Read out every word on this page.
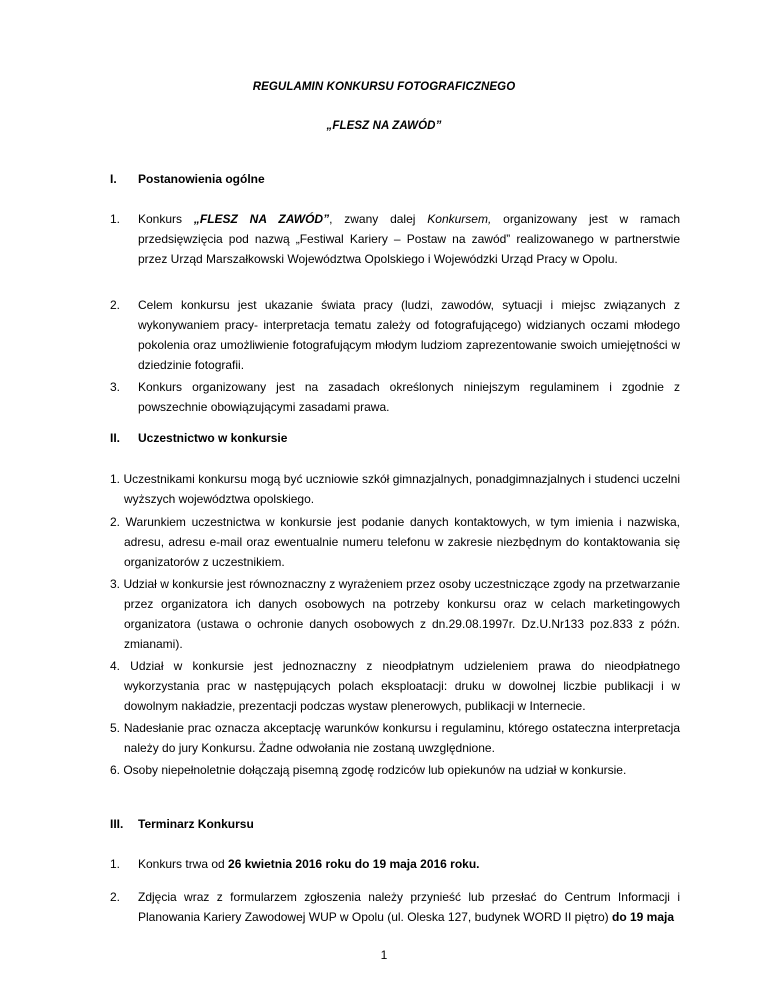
REGULAMIN KONKURSU FOTOGRAFICZNEGO
„FLESZ NA ZAWÓD”
I. Postanowienia ogólne
1. Konkurs „FLESZ NA ZAWÓD”, zwany dalej Konkursem, organizowany jest w ramach przedsięwzięcia pod nazwą „Festiwal Kariery – Postaw na zawód” realizowanego w partnerstwie przez Urząd Marszałkowski Województwa Opolskiego i Wojewódzki Urząd Pracy w Opolu.
2. Celem konkursu jest ukazanie świata pracy (ludzi, zawodów, sytuacji i miejsc związanych z wykonywaniem pracy- interpretacja tematu zależy od fotografującego) widzianych oczami młodego pokolenia oraz umożliwienie fotografującym młodym ludziom zaprezentowanie swoich umiejętności w dziedzinie fotografii.
3. Konkurs organizowany jest na zasadach określonych niniejszym regulaminem i zgodnie z powszechnie obowiązującymi zasadami prawa.
II. Uczestnictwo w konkursie
1. Uczestnikami konkursu mogą być uczniowie szkół gimnazjalnych, ponadgimnazjalnych i studenci uczelni wyższych województwa opolskiego.
2. Warunkiem uczestnictwa w konkursie jest podanie danych kontaktowych, w tym imienia i nazwiska, adresu, adresu e-mail oraz ewentualnie numeru telefonu w zakresie niezbędnym do kontaktowania się organizatorów z uczestnikiem.
3. Udział w konkursie jest równoznaczny z wyrażeniem przez osoby uczestniczące zgody na przetwarzanie przez organizatora ich danych osobowych na potrzeby konkursu oraz w celach marketingowych organizatora (ustawa o ochronie danych osobowych z dn.29.08.1997r. Dz.U.Nr133 poz.833 z późn. zmianami).
4. Udział w konkursie jest jednoznaczny z nieodpłatnym udzieleniem prawa do nieodpłatnego wykorzystania prac w następujących polach eksploatacji: druku w dowolnej liczbie publikacji i w dowolnym nakładzie, prezentacji podczas wystaw plenerowych, publikacji w Internecie.
5. Nadesłanie prac oznacza akceptację warunków konkursu i regulaminu, którego ostateczna interpretacja należy do jury Konkursu. Żadne odwołania nie zostaną uwzględnione.
6. Osoby niepełnoletnie dołączają pisemną zgodę rodziców lub opiekunów na udział w konkursie.
III. Terminarz Konkursu
1. Konkurs trwa od 26 kwietnia 2016 roku do 19 maja 2016 roku.
2. Zdjęcia wraz z formularzem zgłoszenia należy przynieść lub przesłać do Centrum Informacji i Planowania Kariery Zawodowej WUP w Opolu (ul. Oleska 127, budynek WORD II piętro) do 19 maja
1
